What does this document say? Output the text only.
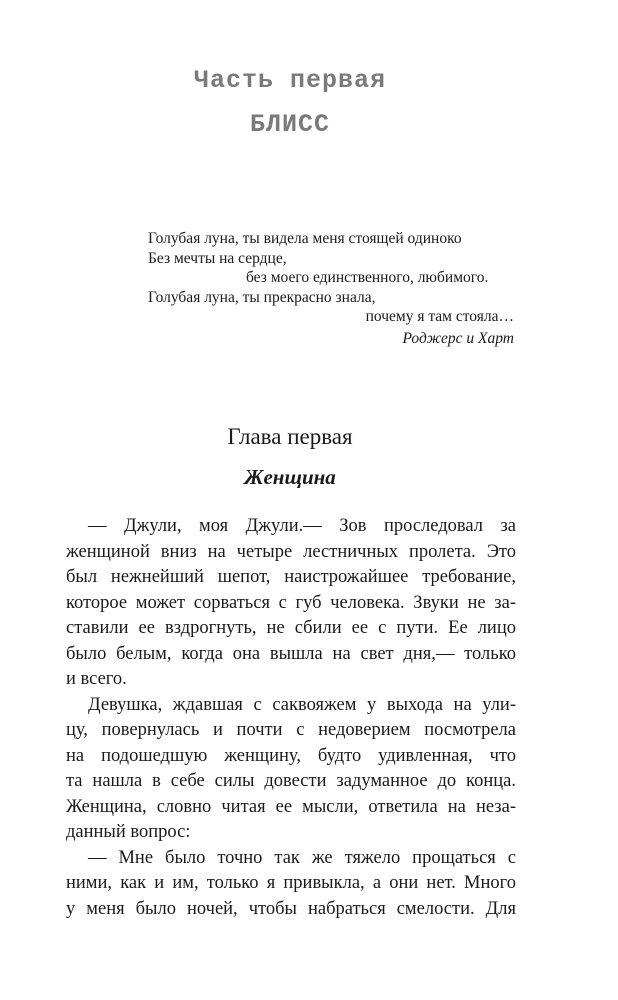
Часть первая
БЛИСС
Голубая луна, ты видела меня стоящей одиноко
Без мечты на сердце,
без моего единственного, любимого.
Голубая луна, ты прекрасно знала,
почему я там стояла…
Роджерс и Харт
Глава первая
Женщина
— Джули, моя Джули.— Зов проследовал за
женщиной вниз на четыре лестничных пролета. Это
был нежнейший шепот, наистрожайшее требование,
которое может сорваться с губ человека. Звуки не за-
ставили ее вздрогнуть, не сбили ее с пути. Ее лицо
было белым, когда она вышла на свет дня,— только
и всего.
Девушка, ждавшая с саквояжем у выхода на ули-
цу, повернулась и почти с недоверием посмотрела
на подошедшую женщину, будто удивленная, что
та нашла в себе силы довести задуманное до конца.
Женщина, словно читая ее мысли, ответила на неза-
данный вопрос:
— Мне было точно так же тяжело прощаться с
ними, как и им, только я привыкла, а они нет. Много
у меня было ночей, чтобы набраться смелости. Для
